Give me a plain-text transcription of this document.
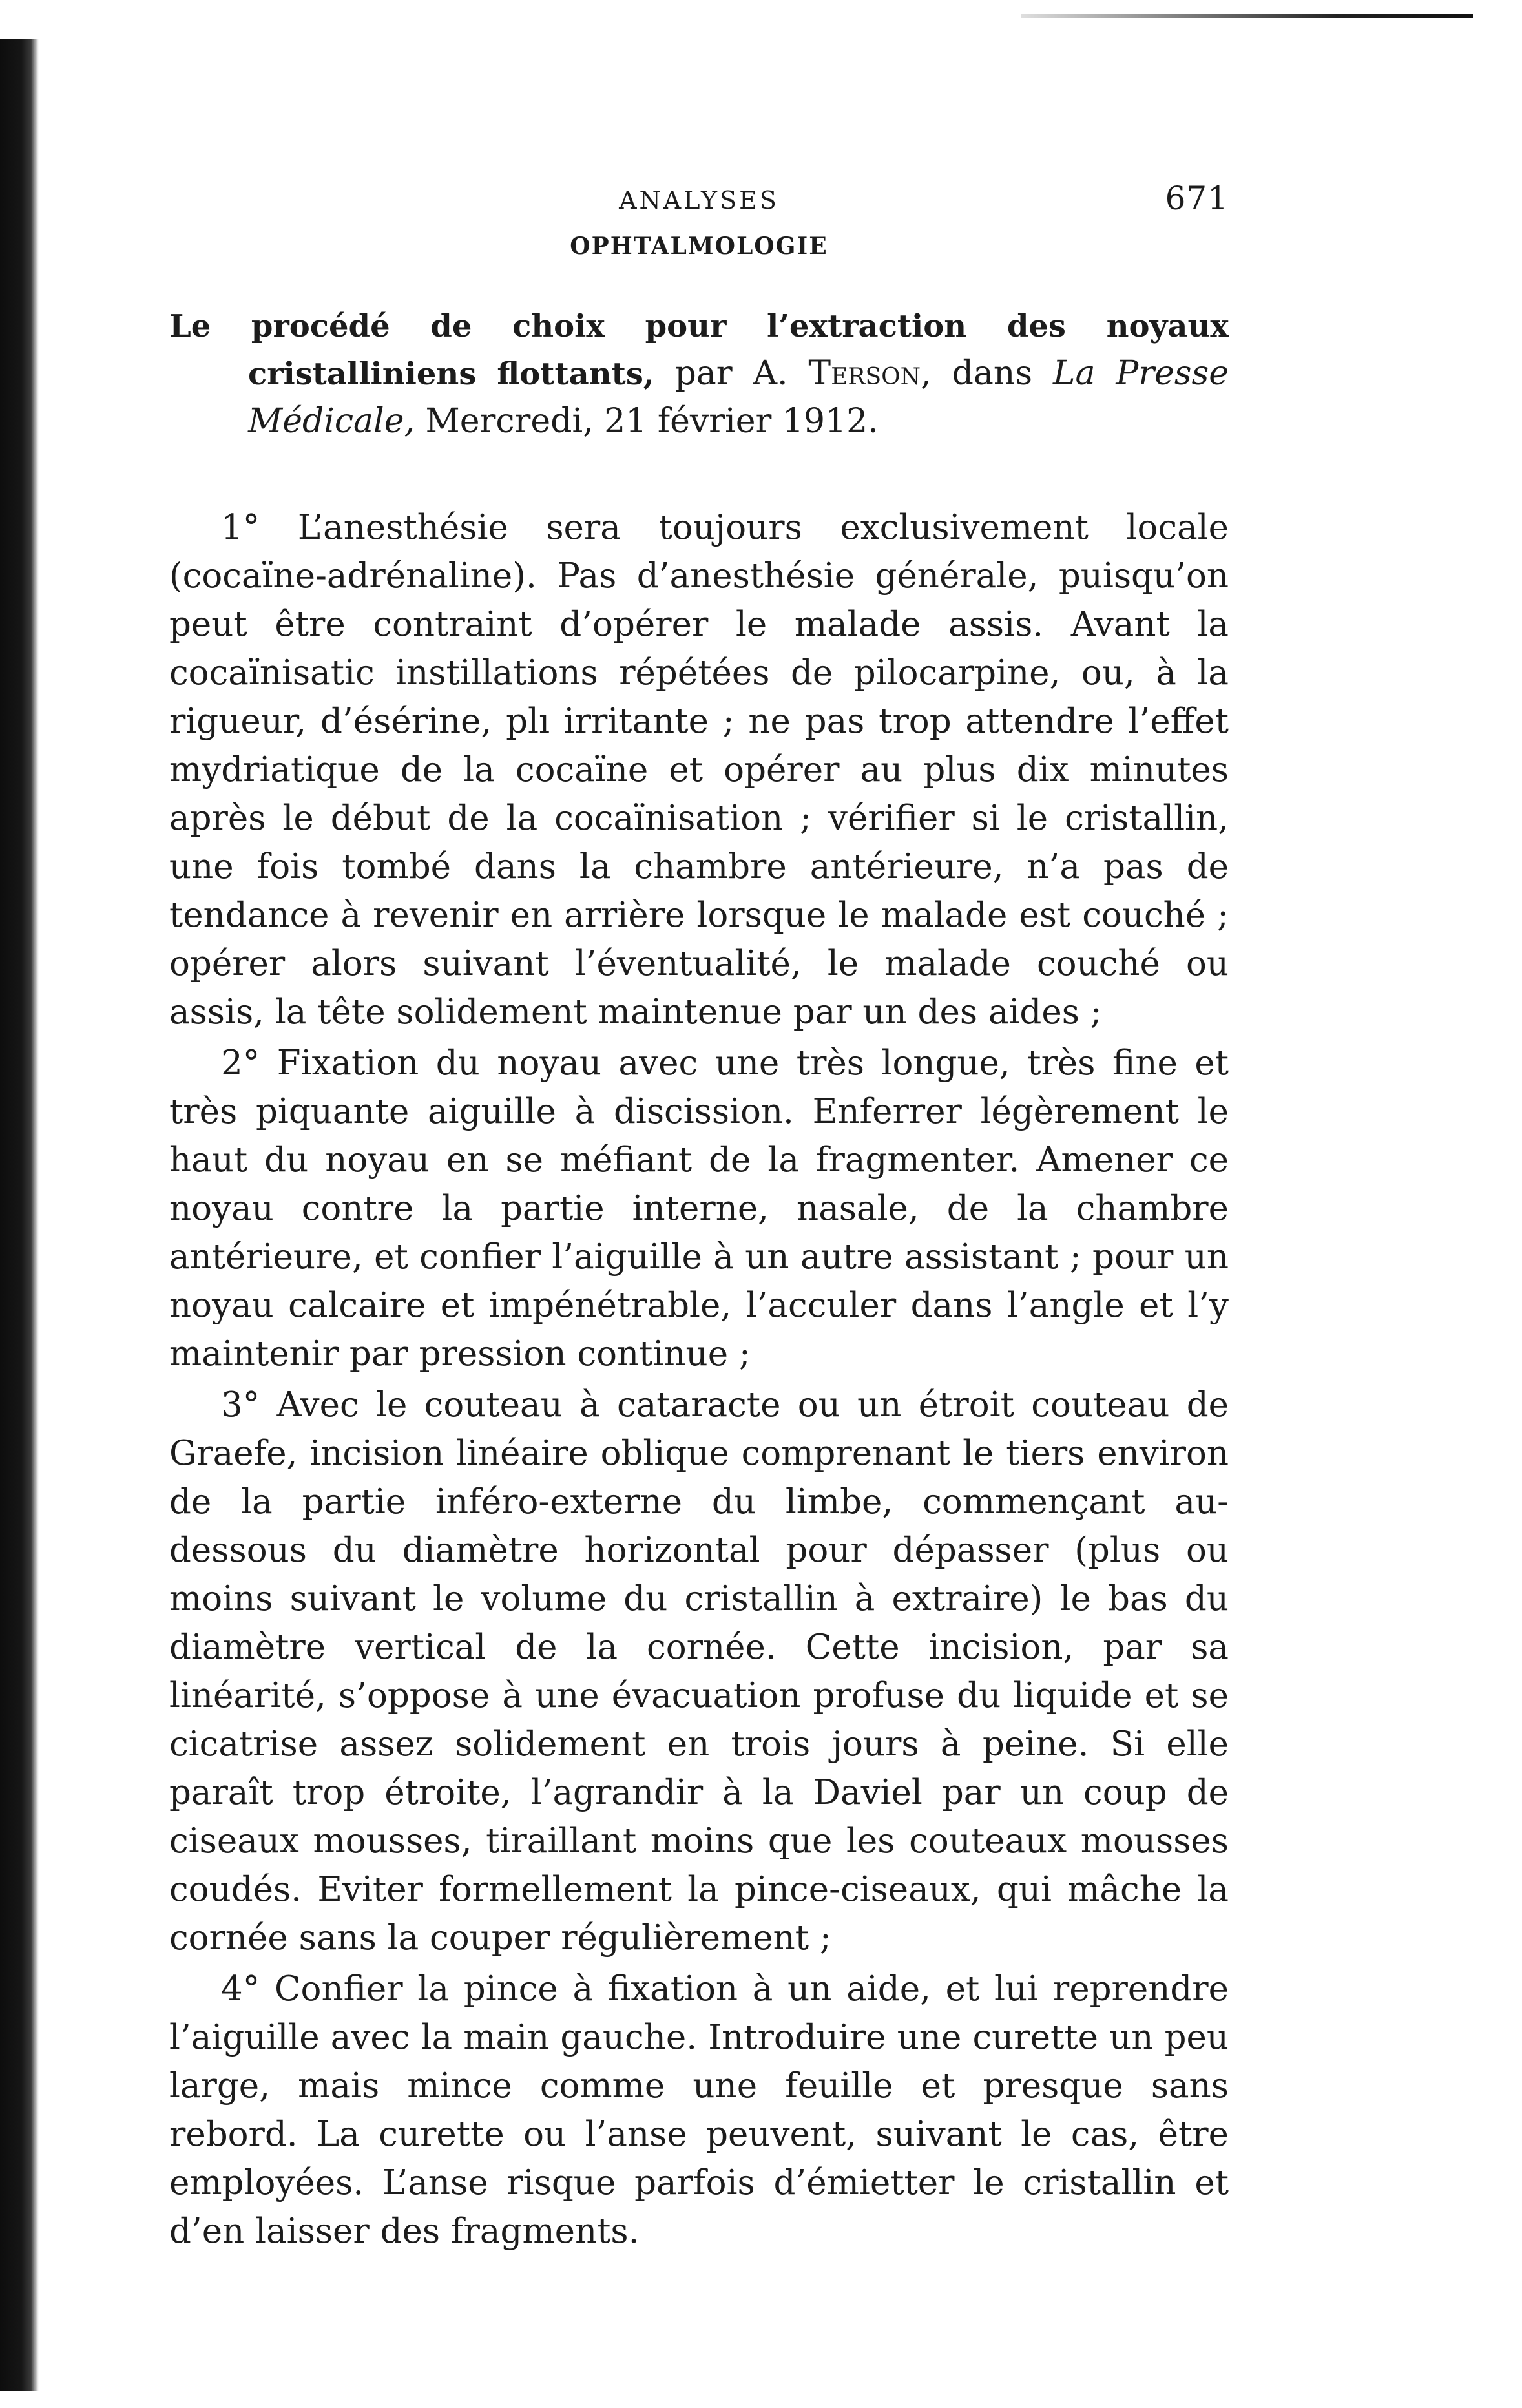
ANALYSES	671
OPHTALMOLOGIE

Le procédé de choix pour l’extraction des noyaux cristalliniens flottants, par A. Terson, dans La Presse Médicale, Mercredi, 21 février 1912.

1° L’anesthésie sera toujours exclusivement locale (cocaïne-adrénaline). Pas d’anesthésie générale, puisqu’on peut être contraint d’opérer le malade assis. Avant la cocaïnisatic instillations répétées de pilocarpine, ou, à la rigueur, d’ésérine, plı irritante ; ne pas trop attendre l’effet mydriatique de la cocaïne et opérer au plus dix minutes après le début de la cocaïnisation ; vérifier si le cristallin, une fois tombé dans la chambre antérieure, n’a pas de tendance à revenir en arrière lorsque le malade est couché ; opérer alors suivant l’éventualité, le malade couché ou assis, la tête solidement maintenue par un des aides ;

2° Fixation du noyau avec une très longue, très fine et très piquante aiguille à discission. Enferrer légèrement le haut du noyau en se méfiant de la fragmenter. Amener ce noyau contre la partie interne, nasale, de la chambre antérieure, et confier l’aiguille à un autre assistant ; pour un noyau calcaire et impénétrable, l’acculer dans l’angle et l’y maintenir par pression continue ;

3° Avec le couteau à cataracte ou un étroit couteau de Graefe, incision linéaire oblique comprenant le tiers environ de la partie inféro-externe du limbe, commençant au-dessous du diamètre horizontal pour dépasser (plus ou moins suivant le volume du cristallin à extraire) le bas du diamètre vertical de la cornée. Cette incision, par sa linéarité, s’oppose à une évacuation profuse du liquide et se cicatrise assez solidement en trois jours à peine. Si elle paraît trop étroite, l’agrandir à la Daviel par un coup de ciseaux mousses, tiraillant moins que les couteaux mousses coudés. Eviter formellement la pince-ciseaux, qui mâche la cornée sans la couper régulièrement ;

4° Confier la pince à fixation à un aide, et lui reprendre l’aiguille avec la main gauche. Introduire une curette un peu large, mais mince comme une feuille et presque sans rebord. La curette ou l’anse peuvent, suivant le cas, être employées. L’anse risque parfois d’émietter le cristallin et d’en laisser des fragments.
